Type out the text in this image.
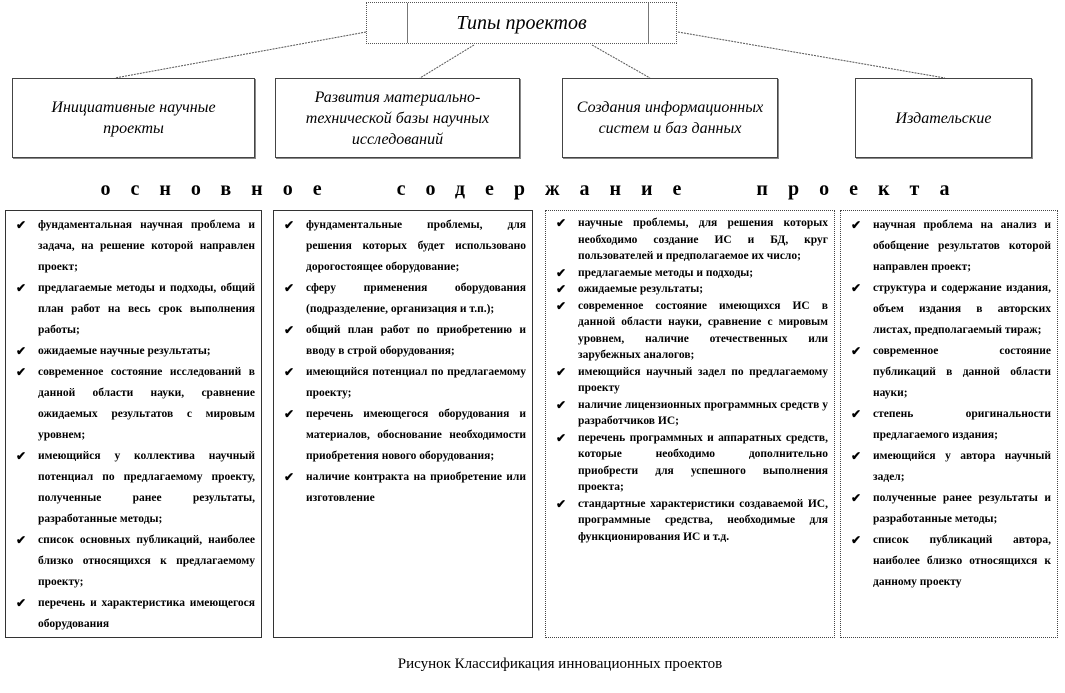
Типы проектов
Инициативные научные проекты
Развития материально-технической базы научных исследований
Создания информационных систем и баз данных
Издательские
основное содержание проекта
✔ фундаментальная научная проблема и задача, на решение которой направлен проект;
✔ предлагаемые методы и подходы, общий план работ на весь срок выполнения работы;
✔ ожидаемые научные результаты;
✔ современное состояние исследований в данной области науки, сравнение ожидаемых результатов с мировым уровнем;
✔ имеющийся у коллектива научный потенциал по предлагаемому проекту, полученные ранее результаты, разработанные методы;
✔ список основных публикаций, наиболее близко относящихся к предлагаемому проекту;
✔ перечень и характеристика имеющегося оборудования
✔ фундаментальные проблемы, для решения которых будет использовано дорогостоящее оборудование;
✔ сферу применения оборудования (подразделение, организация и т.п.);
✔ общий план работ по приобретению и вводу в строй оборудования;
✔ имеющийся потенциал по предлагаемому проекту;
✔ перечень имеющегося оборудования и материалов, обоснование необходимости приобретения нового оборудования;
✔ наличие контракта на приобретение или изготовление
✔ научные проблемы, для решения которых необходимо создание ИС и БД, круг пользователей и предполагаемое их число;
✔ предлагаемые методы и подходы;
✔ ожидаемые результаты;
✔ современное состояние имеющихся ИС в данной области науки, сравнение с мировым уровнем, наличие отечественных или зарубежных аналогов;
✔ имеющийся научный задел по предлагаемому проекту
✔ наличие лицензионных программных средств у разработчиков ИС;
✔ перечень программных и аппаратных средств, которые необходимо дополнительно приобрести для успешного выполнения проекта;
✔ стандартные характеристики создаваемой ИС, программные средства, необходимые для функционирования ИС и т.д.
✔ научная проблема на анализ и обобщение результатов которой направлен проект;
✔ структура и содержание издания, объем издания в авторских листах, предполагаемый тираж;
✔ современное состояние публикаций в данной области науки;
✔ степень оригинальности предлагаемого издания;
✔ имеющийся у автора научный задел;
✔ полученные ранее результаты и разработанные методы;
✔ список публикаций автора, наиболее близко относящихся к данному проекту
Рисунок Классификация инновационных проектов
